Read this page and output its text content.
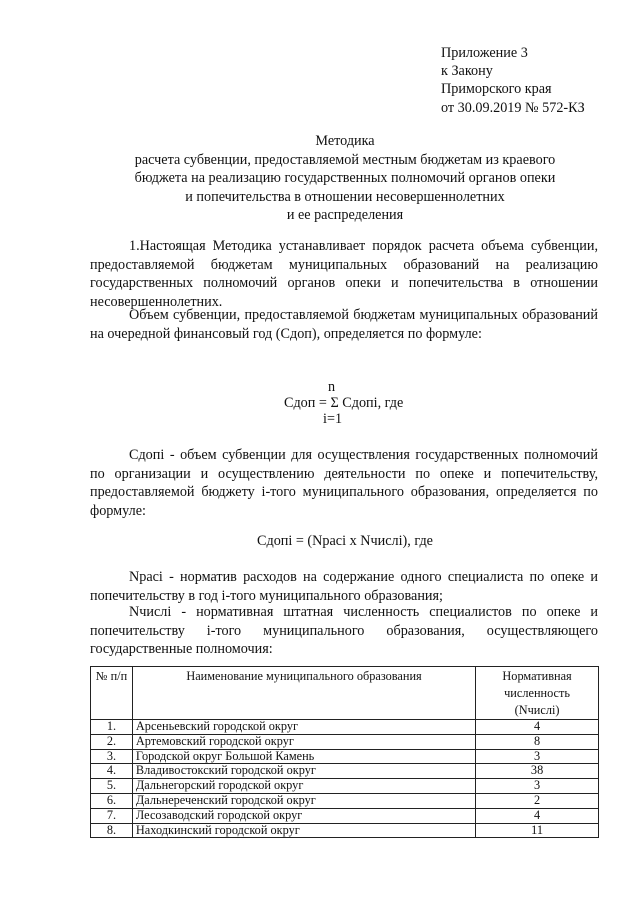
Приложение 3
к Закону
Приморского края
от 30.09.2019 № 572-КЗ
Методика
расчета субвенции, предоставляемой местным бюджетам из краевого
бюджета на реализацию государственных полномочий органов опеки
и попечительства в отношении несовершеннолетних
и ее распределения
1.Настоящая Методика устанавливает порядок расчета объема субвенции, предоставляемой бюджетам муниципальных образований на реализацию государственных полномочий органов опеки и попечительства в отношении несовершеннолетних.
Объем субвенции, предоставляемой бюджетам муниципальных образований на очередной финансовый год (Сдоп), определяется по формуле:
n
Сдоп = Σ Сдопi, где
i=1
Сдопi - объем субвенции для осуществления государственных полномочий по организации и осуществлению деятельности по опеке и попечительству, предоставляемой бюджету i-того муниципального образования, определяется по формуле:
Сдопi = (Nрасi x Nчислi), где
Nрасi - норматив расходов на содержание одного специалиста по опеке и попечительству в год i-того муниципального образования;
Nчислi - нормативная штатная численность специалистов по опеке и попечительству i-того муниципального образования, осуществляющего государственные полномочия:
№ п/п	Наименование муниципального образования	Нормативная
численность
(Nчислi)

1.	Арсеньевский городской округ	4
2.	Артемовский городской округ	8
3.	Городской округ Большой Камень	3
4.	Владивостокский городской округ	38
5.	Дальнегорский городской округ	3
6.	Дальнереченский городской округ	2
7.	Лесозаводский городской округ	4
8.	Находкинский городской округ	11
